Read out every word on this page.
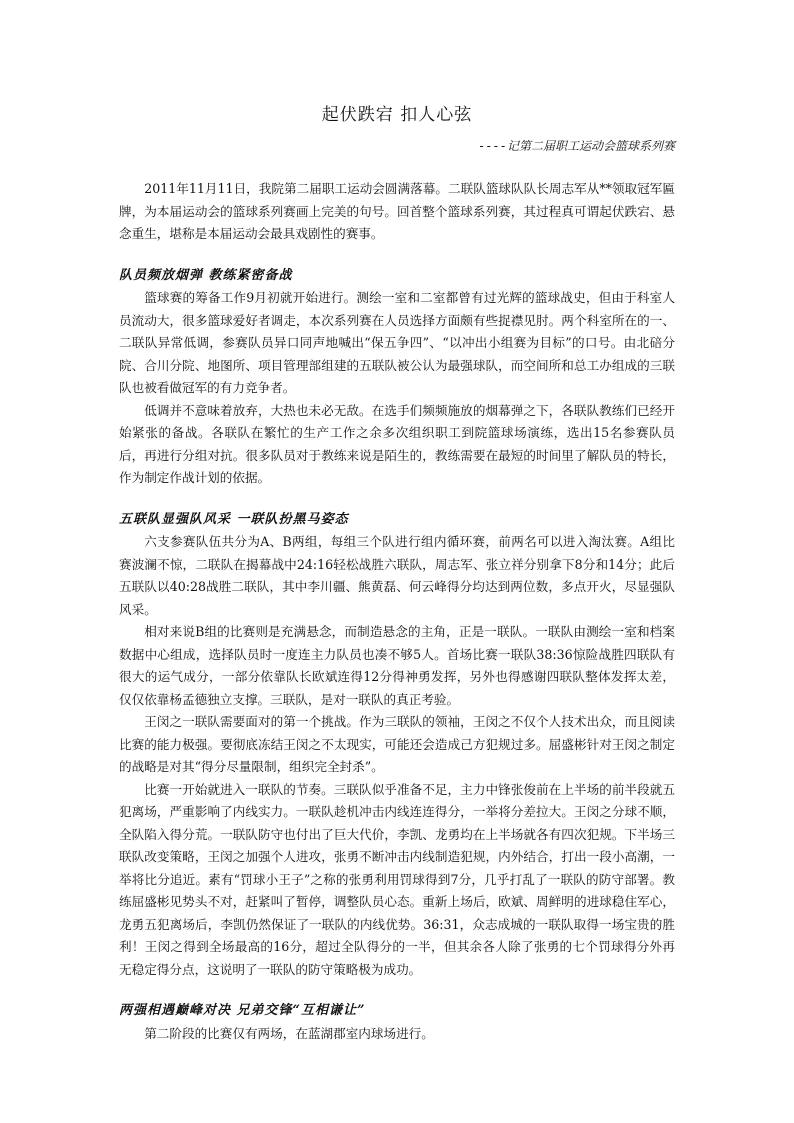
起伏跌宕 扣人心弦
----记第二届职工运动会篮球系列赛

2011年11月11日，我院第二届职工运动会圆满落幕。二联队篮球队队长周志军从**领取冠军匾牌，为本届运动会的篮球系列赛画上完美的句号。回首整个篮球系列赛，其过程真可谓起伏跌宕、悬念重生，堪称是本届运动会最具戏剧性的赛事。

队员频放烟弹 教练紧密备战

篮球赛的筹备工作9月初就开始进行。测绘一室和二室都曾有过光辉的篮球战史，但由于科室人员流动大，很多篮球爱好者调走，本次系列赛在人员选择方面颇有些捉襟见肘。两个科室所在的一、二联队异常低调，参赛队员异口同声地喊出“保五争四”、“以冲出小组赛为目标”的口号。由北碚分院、合川分院、地图所、项目管理部组建的五联队被公认为最强球队，而空间所和总工办组成的三联队也被看做冠军的有力竞争者。

低调并不意味着放弃，大热也未必无敌。在选手们频频施放的烟幕弹之下，各联队教练们已经开始紧张的备战。各联队在繁忙的生产工作之余多次组织职工到院篮球场演练，选出15名参赛队员后，再进行分组对抗。很多队员对于教练来说是陌生的，教练需要在最短的时间里了解队员的特长，作为制定作战计划的依据。

五联队显强队风采 一联队扮黑马姿态

六支参赛队伍共分为A、B两组，每组三个队进行组内循环赛，前两名可以进入淘汰赛。A组比赛波澜不惊，二联队在揭幕战中24:16轻松战胜六联队，周志军、张立祥分别拿下8分和14分；此后五联队以40:28战胜二联队，其中李川疆、熊黄磊、何云峰得分均达到两位数，多点开火，尽显强队风采。

相对来说B组的比赛则是充满悬念，而制造悬念的主角，正是一联队。一联队由测绘一室和档案数据中心组成，选择队员时一度连主力队员也凑不够5人。首场比赛一联队38:36惊险战胜四联队有很大的运气成分，一部分依靠队长欧斌连得12分得神勇发挥，另外也得感谢四联队整体发挥太差，仅仅依靠杨孟德独立支撑。三联队，是对一联队的真正考验。

王闵之一联队需要面对的第一个挑战。作为三联队的领袖，王闵之不仅个人技术出众，而且阅读比赛的能力极强。要彻底冻结王闵之不太现实，可能还会造成己方犯规过多。屈盛彬针对王闵之制定的战略是对其“得分尽量限制，组织完全封杀”。

比赛一开始就进入一联队的节奏。三联队似乎准备不足，主力中锋张俊前在上半场的前半段就五犯离场，严重影响了内线实力。一联队趁机冲击内线连连得分，一举将分差拉大。王闵之分球不顺，全队陷入得分荒。一联队防守也付出了巨大代价，李凯、龙勇均在上半场就各有四次犯规。下半场三联队改变策略，王闵之加强个人进攻，张勇不断冲击内线制造犯规，内外结合，打出一段小高潮，一举将比分追近。素有“罚球小王子”之称的张勇利用罚球得到7分，几乎打乱了一联队的防守部署。教练屈盛彬见势头不对，赶紧叫了暂停，调整队员心态。重新上场后，欧斌、周鲜明的进球稳住军心，龙勇五犯离场后，李凯仍然保证了一联队的内线优势。36:31，众志成城的一联队取得一场宝贵的胜利！王闵之得到全场最高的16分，超过全队得分的一半，但其余各人除了张勇的七个罚球得分外再无稳定得分点，这说明了一联队的防守策略极为成功。

两强相遇巅峰对决 兄弟交锋“互相谦让”

第二阶段的比赛仅有两场，在蓝湖郡室内球场进行。
